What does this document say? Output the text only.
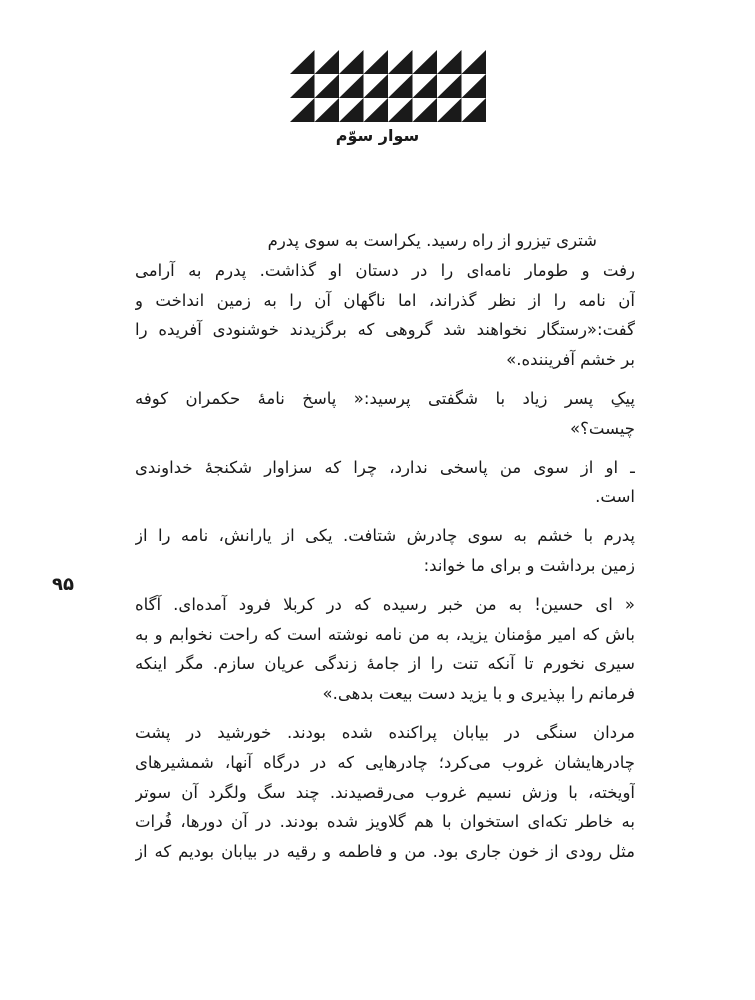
سوار سوّم
۹۵
شتری تیزرو از راه رسید. یکراست به سوی پدرم
رفت و طومار نامه‌ای را در دستان او گذاشت. پدرم به آرامی
آن نامه را از نظر گذراند، اما ناگهان آن را به زمین انداخت و
گفت:«رستگار نخواهند شد گروهی که برگزیدند خوشنودی آفریده را
بر خشم آفریننده.»
پیکِ پسر زیاد با شگفتی پرسید:« پاسخ نامهٔ حکمران کوفه
چیست؟»
ـ او از سوی من پاسخی ندارد، چرا که سزاوار شکنجهٔ خداوندی
است.
پدرم با خشم به سوی چادرش شتافت. یکی از یارانش، نامه را از
زمین برداشت و برای ما خواند:
« ای حسین! به من خبر رسیده که در کربلا فرود آمده‌ای. آگاه
باش که امیر مؤمنان یزید، به من نامه نوشته است که راحت نخوابم و به
سیری نخورم تا آنکه تنت را از جامهٔ زندگی عریان سازم. مگر اینکه
فرمانم را بپذیری و با یزید دست بیعت بدهی.»
مردان سنگی در بیابان پراکنده شده بودند. خورشید در پشت
چادرهایشان غروب می‌کرد؛ چادرهایی که در درگاه آنها، شمشیرهای
آویخته، با وزش نسیم غروب می‌رقصیدند. چند سگ ولگرد آن سوتر
به خاطر تکه‌ای استخوان با هم گلاویز شده بودند. در آن دورها، فُرات
مثل رودی از خون جاری بود. من و فاطمه و رقیه در بیابان بودیم که از
